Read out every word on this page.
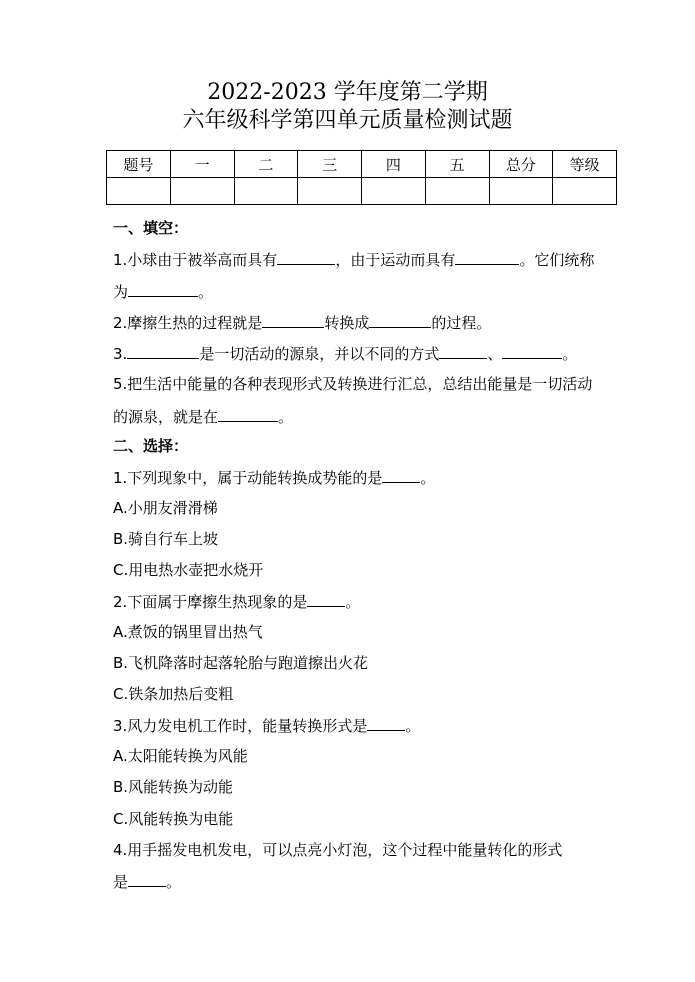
2022-2023 学年度第二学期
六年级科学第四单元质量检测试题
题号	一	二	三	四	五	总分	等级

一、填空：
1.小球由于被举高而具有	，由于运动而具有	。它们统称
为	。
2.摩擦生热的过程就是	转换成	的过程。
3.	是一切活动的源泉，并以不同的方式	、	。
5.把生活中能量的各种表现形式及转换进行汇总，总结出能量是一切活动
的源泉，就是在	。
二、选择：
1.下列现象中，属于动能转换成势能的是	。
A.小朋友滑滑梯
B.骑自行车上坡
C.用电热水壶把水烧开
2.下面属于摩擦生热现象的是	。
A.煮饭的锅里冒出热气
B.飞机降落时起落轮胎与跑道擦出火花
C.铁条加热后变粗
3.风力发电机工作时，能量转换形式是	。
A.太阳能转换为风能
B.风能转换为动能
C.风能转换为电能
4.用手摇发电机发电，可以点亮小灯泡，这个过程中能量转化的形式
是	。
